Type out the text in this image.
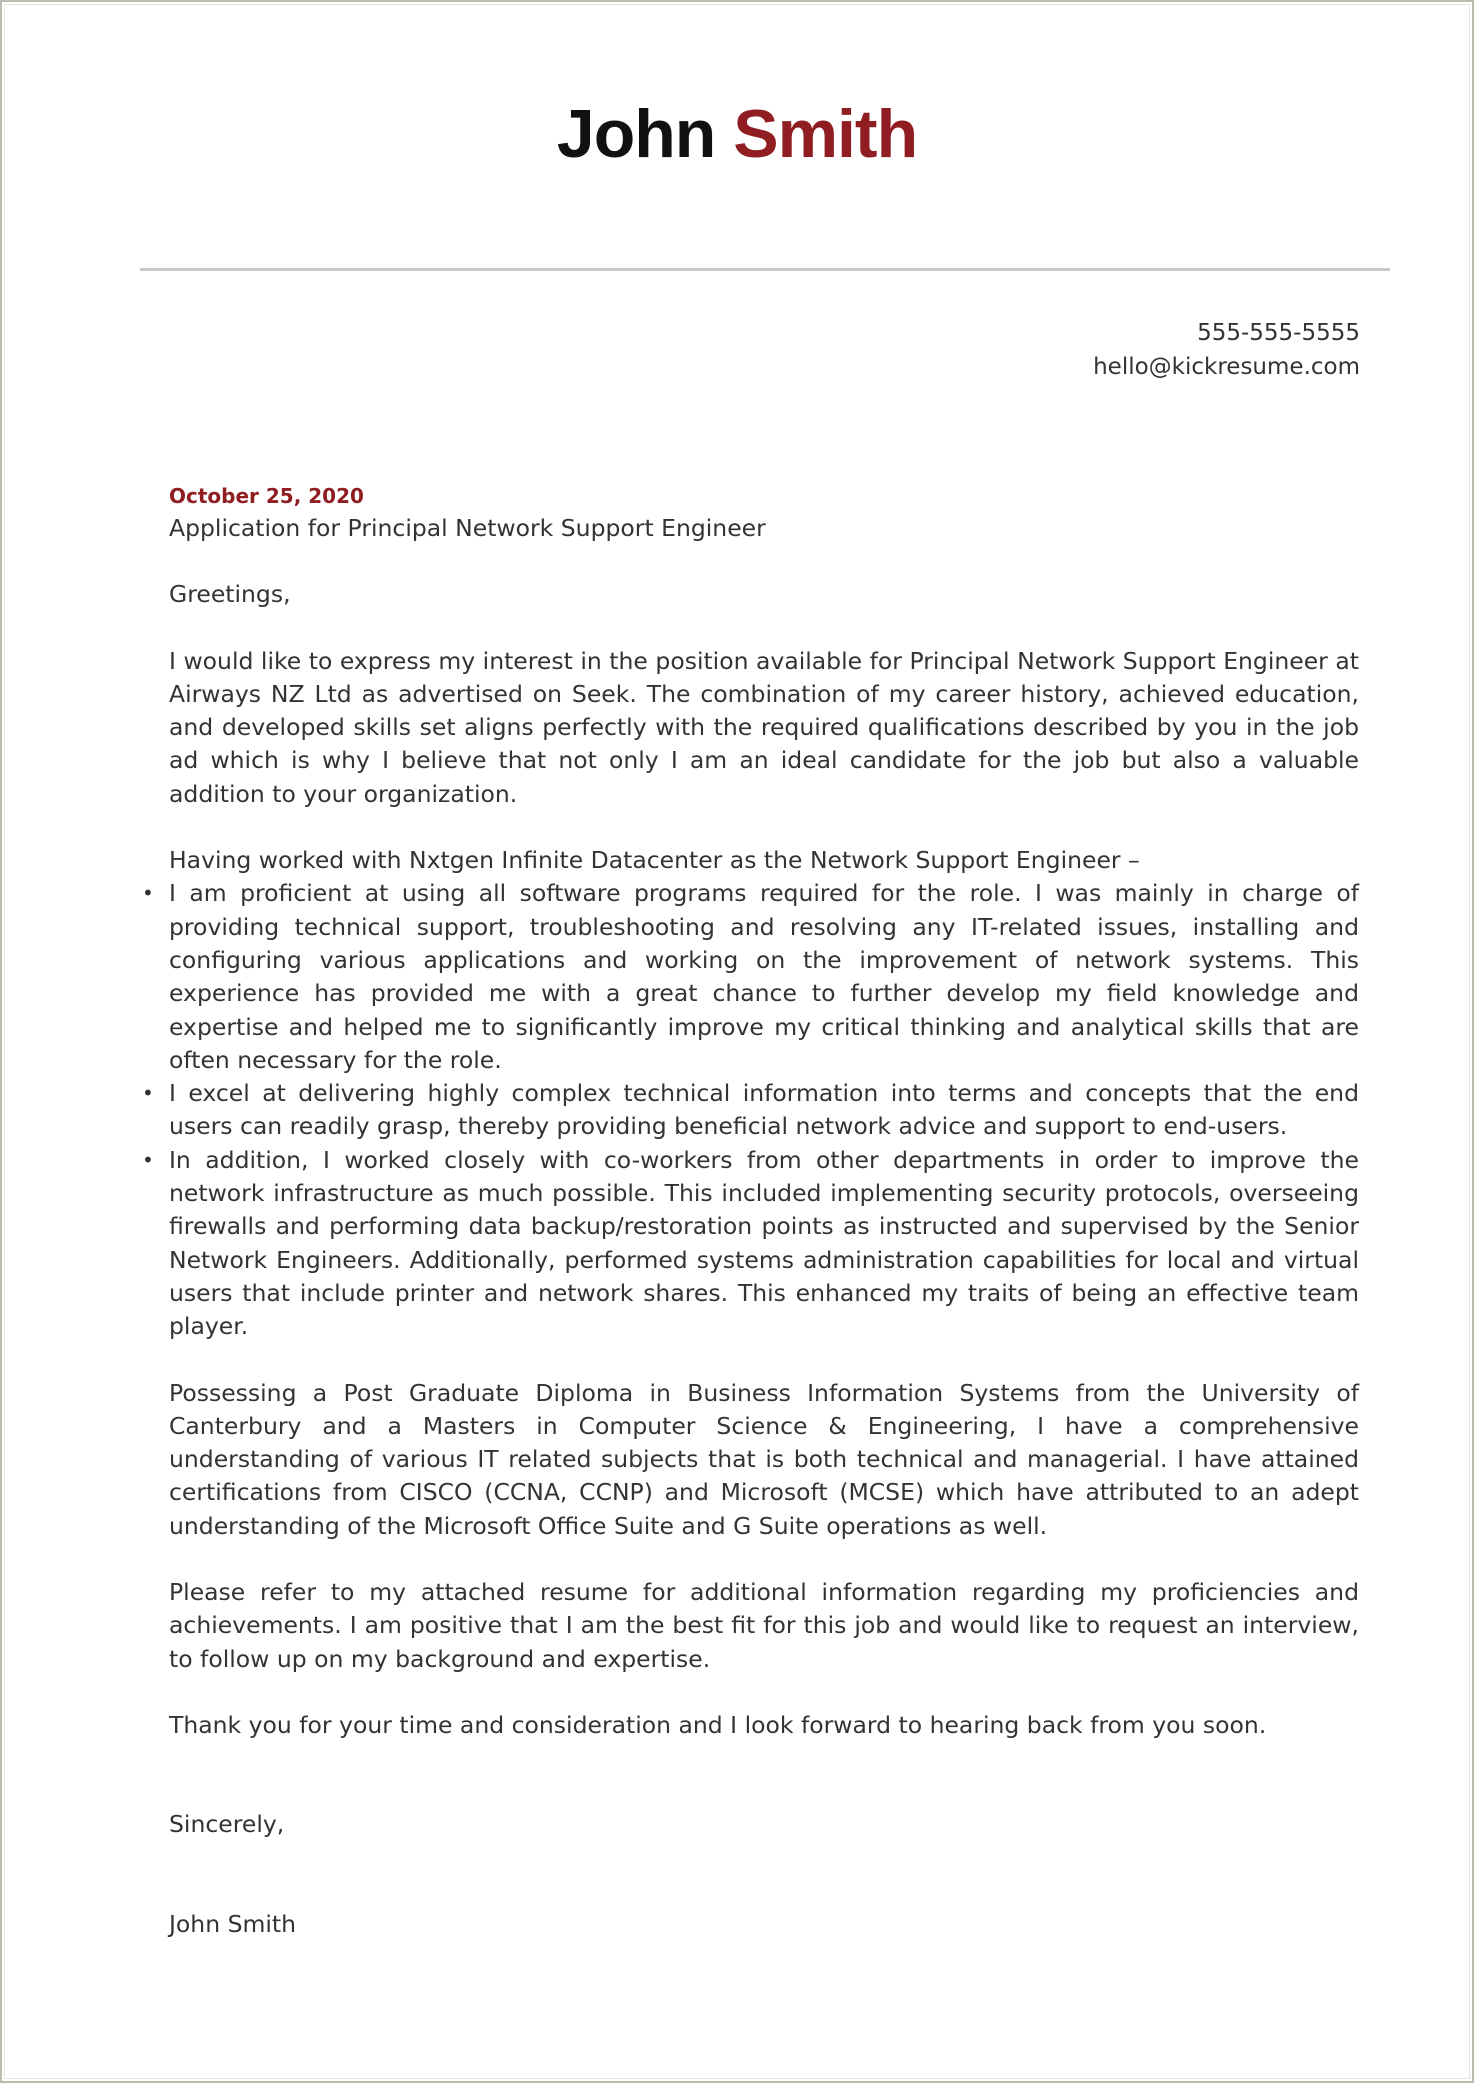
John Smith
555-555-5555
hello@kickresume.com
October 25, 2020
Application for Principal Network Support Engineer

Greetings,

I would like to express my interest in the position available for Principal Network Support Engineer at Airways NZ Ltd as advertised on Seek. The combination of my career history, achieved education, and developed skills set aligns perfectly with the required qualifications described by you in the job ad which is why I believe that not only I am an ideal candidate for the job but also a valuable addition to your organization.

Having worked with Nxtgen Infinite Datacenter as the Network Support Engineer –

• I am proficient at using all software programs required for the role. I was mainly in charge of providing technical support, troubleshooting and resolving any IT-related issues, installing and configuring various applications and working on the improvement of network systems. This experience has provided me with a great chance to further develop my field knowledge and expertise and helped me to significantly improve my critical thinking and analytical skills that are often necessary for the role.
• I excel at delivering highly complex technical information into terms and concepts that the end users can readily grasp, thereby providing beneficial network advice and support to end-users.
• In addition, I worked closely with co-workers from other departments in order to improve the network infrastructure as much possible. This included implementing security protocols, overseeing firewalls and performing data backup/restoration points as instructed and supervised by the Senior Network Engineers. Additionally, performed systems administration capabilities for local and virtual users that include printer and network shares. This enhanced my traits of being an effective team player.

Possessing a Post Graduate Diploma in Business Information Systems from the University of Canterbury and a Masters in Computer Science & Engineering, I have a comprehensive understanding of various IT related subjects that is both technical and managerial. I have attained certifications from CISCO (CCNA, CCNP) and Microsoft (MCSE) which have attributed to an adept understanding of the Microsoft Office Suite and G Suite operations as well.

Please refer to my attached resume for additional information regarding my proficiencies and achievements. I am positive that I am the best fit for this job and would like to request an interview, to follow up on my background and expertise.

Thank you for your time and consideration and I look forward to hearing back from you soon.

Sincerely,

John Smith
